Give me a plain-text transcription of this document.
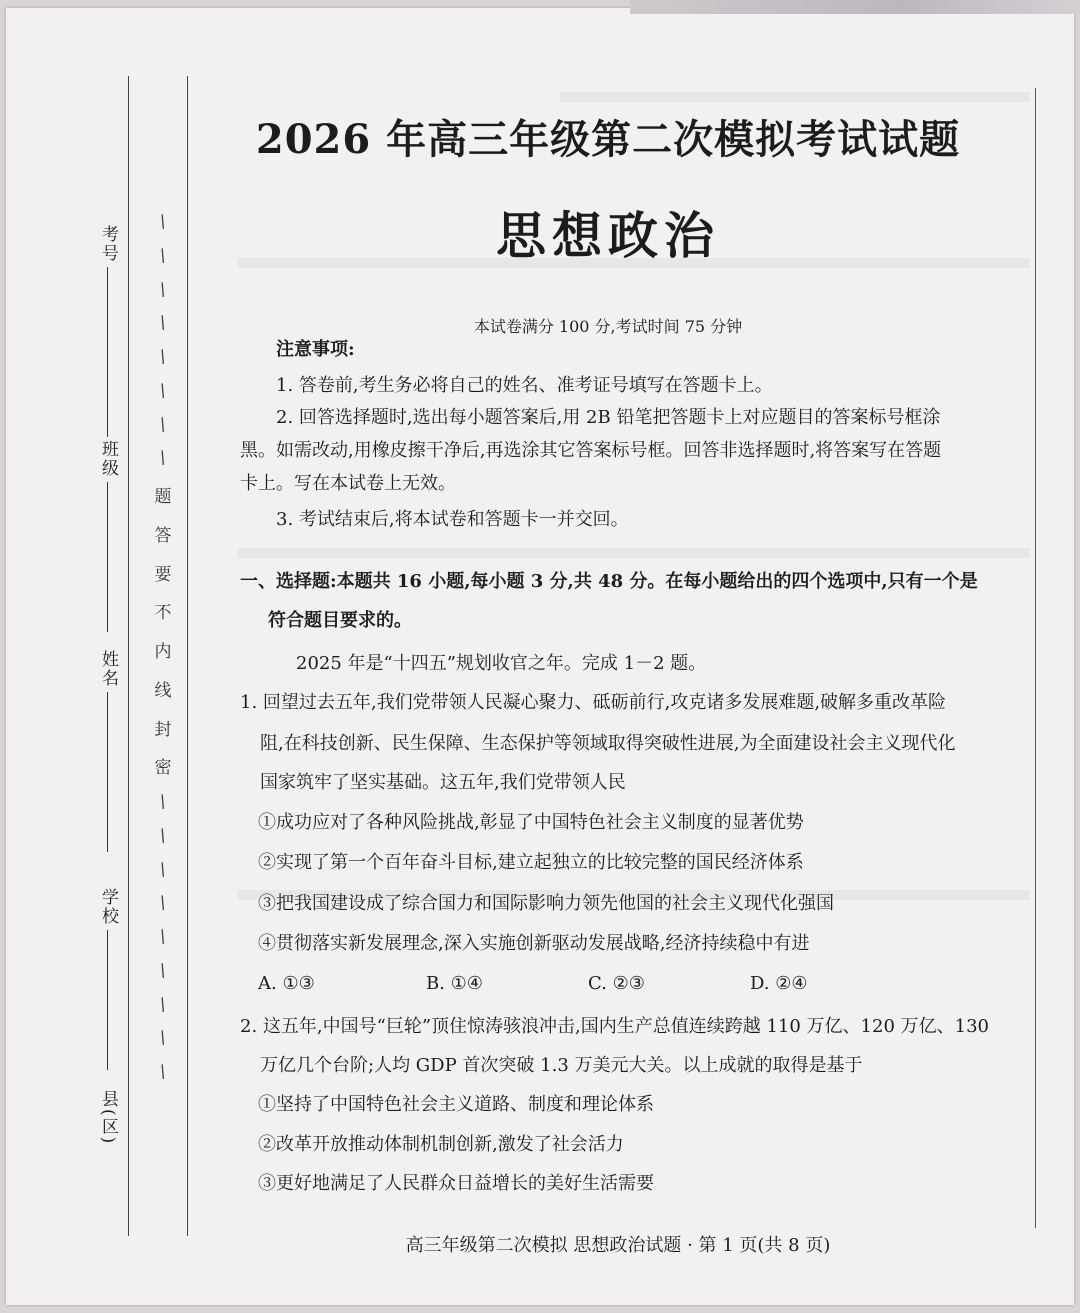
考号
班级
姓名
学校
县(区)
/
/
/
/
/
/
/
/
题
答
要
不
内
线
封
密
/
/
/
/
/
/
/
/
/
2026 年高三年级第二次模拟考试试题
思想政治
本试卷满分 100 分,考试时间 75 分钟
注意事项:
1. 答卷前,考生务必将自己的姓名、准考证号填写在答题卡上。
2. 回答选择题时,选出每小题答案后,用 2B 铅笔把答题卡上对应题目的答案标号框涂
黑。如需改动,用橡皮擦干净后,再选涂其它答案标号框。回答非选择题时,将答案写在答题
卡上。写在本试卷上无效。
3. 考试结束后,将本试卷和答题卡一并交回。
一、选择题:本题共 16 小题,每小题 3 分,共 48 分。在每小题给出的四个选项中,只有一个是
符合题目要求的。
2025 年是“十四五”规划收官之年。完成 1－2 题。
1. 回望过去五年,我们党带领人民凝心聚力、砥砺前行,攻克诸多发展难题,破解多重改革险
阻,在科技创新、民生保障、生态保护等领域取得突破性进展,为全面建设社会主义现代化
国家筑牢了坚实基础。这五年,我们党带领人民
①成功应对了各种风险挑战,彰显了中国特色社会主义制度的显著优势
②实现了第一个百年奋斗目标,建立起独立的比较完整的国民经济体系
③把我国建设成了综合国力和国际影响力领先他国的社会主义现代化强国
④贯彻落实新发展理念,深入实施创新驱动发展战略,经济持续稳中有进
A. ①③	B. ①④	C. ②③	D. ②④
2. 这五年,中国号“巨轮”顶住惊涛骇浪冲击,国内生产总值连续跨越 110 万亿、120 万亿、130
万亿几个台阶;人均 GDP 首次突破 1.3 万美元大关。以上成就的取得是基于
①坚持了中国特色社会主义道路、制度和理论体系
②改革开放推动体制机制创新,激发了社会活力
③更好地满足了人民群众日益增长的美好生活需要
高三年级第二次模拟 思想政治试题 · 第 1 页(共 8 页)
